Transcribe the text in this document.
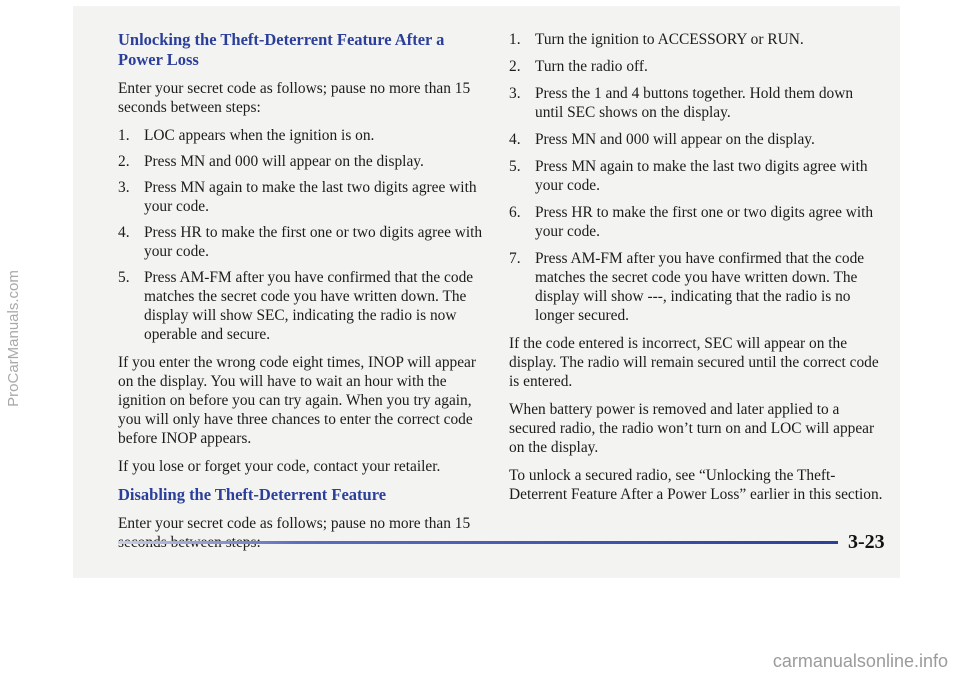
ProCarManuals.com
Unlocking the Theft-Deterrent Feature After a Power Loss

Enter your secret code as follows; pause no more than 15 seconds between steps:

1. LOC appears when the ignition is on.
2. Press MN and 000 will appear on the display.
3. Press MN again to make the last two digits agree with your code.
4. Press HR to make the first one or two digits agree with your code.
5. Press AM-FM after you have confirmed that the code matches the secret code you have written down. The display will show SEC, indicating the radio is now operable and secure.

If you enter the wrong code eight times, INOP will appear on the display. You will have to wait an hour with the ignition on before you can try again. When you try again, you will only have three chances to enter the correct code before INOP appears.

If you lose or forget your code, contact your retailer.

Disabling the Theft-Deterrent Feature

Enter your secret code as follows; pause no more than 15

1. Turn the ignition to ACCESSORY or RUN.
2. Turn the radio off.
3. Press the 1 and 4 buttons together. Hold them down until SEC shows on the display.
4. Press MN and 000 will appear on the display.
5. Press MN again to make the last two digits agree with your code.
6. Press HR to make the first one or two digits agree with your code.
7. Press AM-FM after you have confirmed that the code matches the secret code you have written down. The display will show ---, indicating that the radio is no longer secured.

If the code entered is incorrect, SEC will appear on the display. The radio will remain secured until the correct code is entered.

When battery power is removed and later applied to a secured radio, the radio won’t turn on and LOC will appear on the display.

To unlock a secured radio, see “Unlocking the Theft-Deterrent Feature After a Power Loss” earlier in this section.

3-23
carmanualsonline.info
